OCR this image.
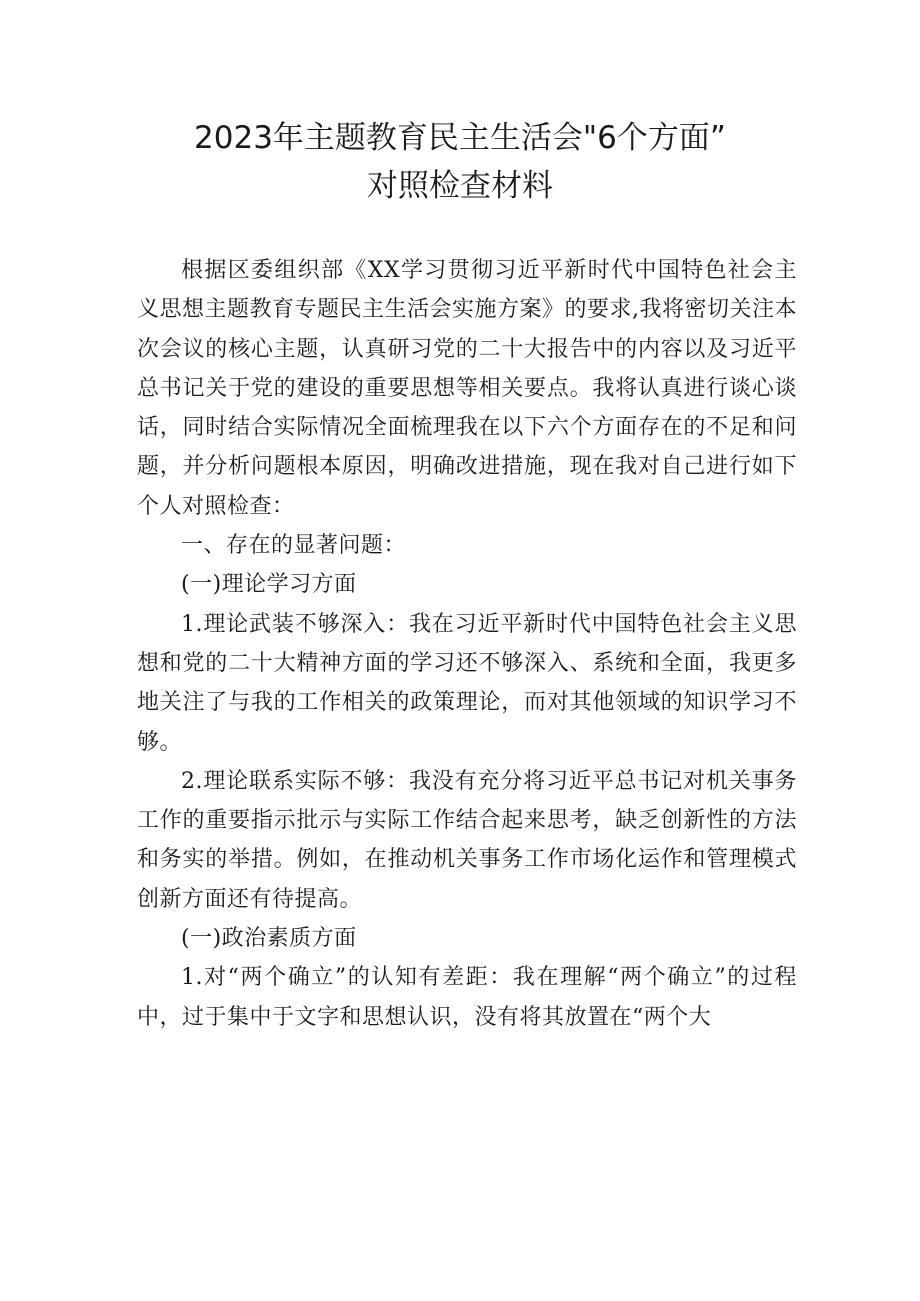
2023年主题教育民主生活会"6个方面”
对照检查材料

根据区委组织部《XX学习贯彻习近平新时代中国特色社会主义思想主题教育专题民主生活会实施方案》的要求,我将密切关注本次会议的核心主题，认真研习党的二十大报告中的内容以及习近平总书记关于党的建设的重要思想等相关要点。我将认真进行谈心谈话，同时结合实际情况全面梳理我在以下六个方面存在的不足和问题，并分析问题根本原因，明确改进措施，现在我对自己进行如下个人对照检查：

一、存在的显著问题：

(一)理论学习方面

1.理论武装不够深入：我在习近平新时代中国特色社会主义思想和党的二十大精神方面的学习还不够深入、系统和全面，我更多地关注了与我的工作相关的政策理论，而对其他领域的知识学习不够。

2.理论联系实际不够：我没有充分将习近平总书记对机关事务工作的重要指示批示与实际工作结合起来思考，缺乏创新性的方法和务实的举措。例如，在推动机关事务工作市场化运作和管理模式创新方面还有待提高。

(一)政治素质方面

1.对“两个确立”的认知有差距：我在理解“两个确立”的过程中，过于集中于文字和思想认识，没有将其放置在“两个大
